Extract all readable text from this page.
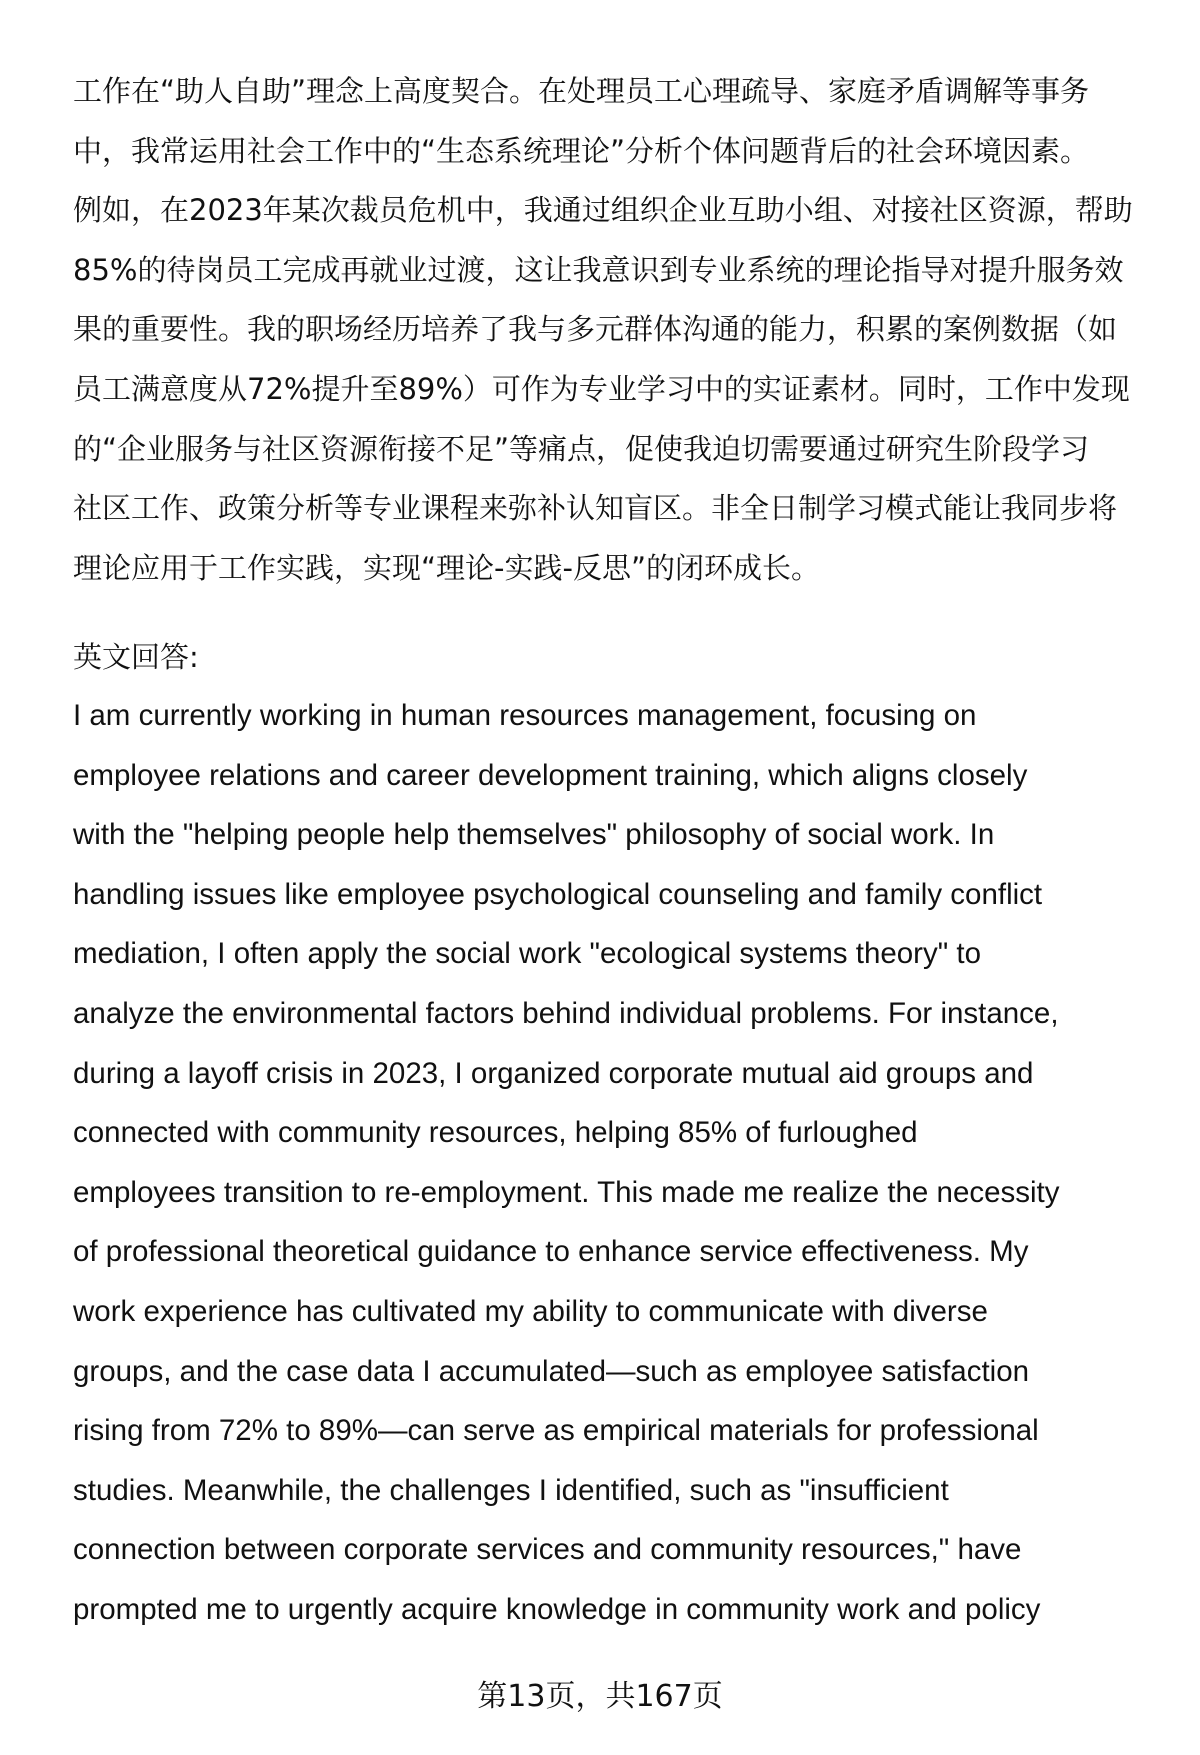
工作在“助人自助”理念上高度契合。在处理员工心理疏导、家庭矛盾调解等事务
中，我常运用社会工作中的“生态系统理论”分析个体问题背后的社会环境因素。
例如，在2023年某次裁员危机中，我通过组织企业互助小组、对接社区资源，帮助
85%的待岗员工完成再就业过渡，这让我意识到专业系统的理论指导对提升服务效
果的重要性。我的职场经历培养了我与多元群体沟通的能力，积累的案例数据（如
员工满意度从72%提升至89%）可作为专业学习中的实证素材。同时，工作中发现
的“企业服务与社区资源衔接不足”等痛点，促使我迫切需要通过研究生阶段学习
社区工作、政策分析等专业课程来弥补认知盲区。非全日制学习模式能让我同步将
理论应用于工作实践，实现“理论-实践-反思”的闭环成长。
英文回答:
I am currently working in human resources management, focusing on
employee relations and career development training, which aligns closely
with the "helping people help themselves" philosophy of social work. In
handling issues like employee psychological counseling and family conflict
mediation, I often apply the social work "ecological systems theory" to
analyze the environmental factors behind individual problems. For instance,
during a layoff crisis in 2023, I organized corporate mutual aid groups and
connected with community resources, helping 85% of furloughed
employees transition to re-employment. This made me realize the necessity
of professional theoretical guidance to enhance service effectiveness. My
work experience has cultivated my ability to communicate with diverse
groups, and the case data I accumulated—such as employee satisfaction
rising from 72% to 89%—can serve as empirical materials for professional
studies. Meanwhile, the challenges I identified, such as "insufficient
connection between corporate services and community resources," have
prompted me to urgently acquire knowledge in community work and policy
第13页，共167页
